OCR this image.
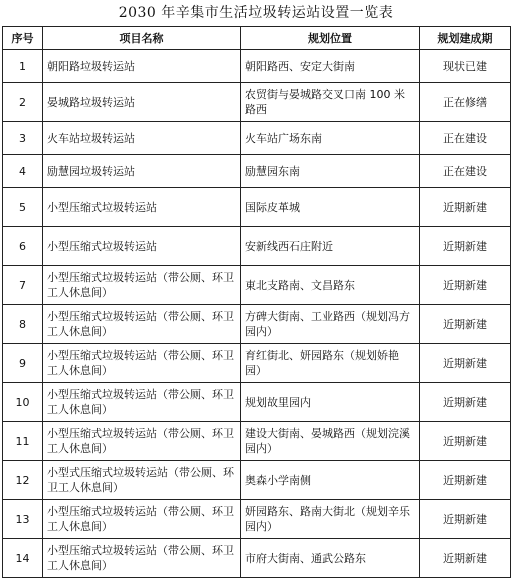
2030 年辛集市生活垃圾转运站设置一览表
序号	项目名称	规划位置	规划建成期
1	朝阳路垃圾转运站	朝阳路西、安定大街南	现状已建
2	晏城路垃圾转运站	农贸街与晏城路交叉口南 100 米路西	正在修缮
3	火车站垃圾转运站	火车站广场东南	正在建设
4	励慧园垃圾转运站	励慧园东南	正在建设
5	小型压缩式垃圾转运站	国际皮革城	近期新建
6	小型压缩式垃圾转运站	安新线西石庄附近	近期新建
7	小型压缩式垃圾转运站（带公厕、环卫工人休息间）	東北支路南、文昌路东	近期新建
8	小型压缩式垃圾转运站（带公厕、环卫工人休息间）	方碑大街南、工业路西（规划冯方园内）	近期新建
9	小型压缩式垃圾转运站（带公厕、环卫工人休息间）	育红街北、妍园路东（规划娇艳园）	近期新建
10	小型压缩式垃圾转运站（带公厕、环卫工人休息间）	规划故里园内	近期新建
11	小型压缩式垃圾转运站（带公厕、环卫工人休息间）	建设大街南、晏城路西（规划浣溪园内）	近期新建
12	小型式压缩式垃圾转运站（带公厕、环卫工人休息间）	奥森小学南侧	近期新建
13	小型压缩式垃圾转运站（带公厕、环卫工人休息间）	妍园路东、路南大街北（规划辛乐园内）	近期新建
14	小型压缩式垃圾转运站（带公厕、环卫工人休息间）	市府大街南、通武公路东	近期新建
